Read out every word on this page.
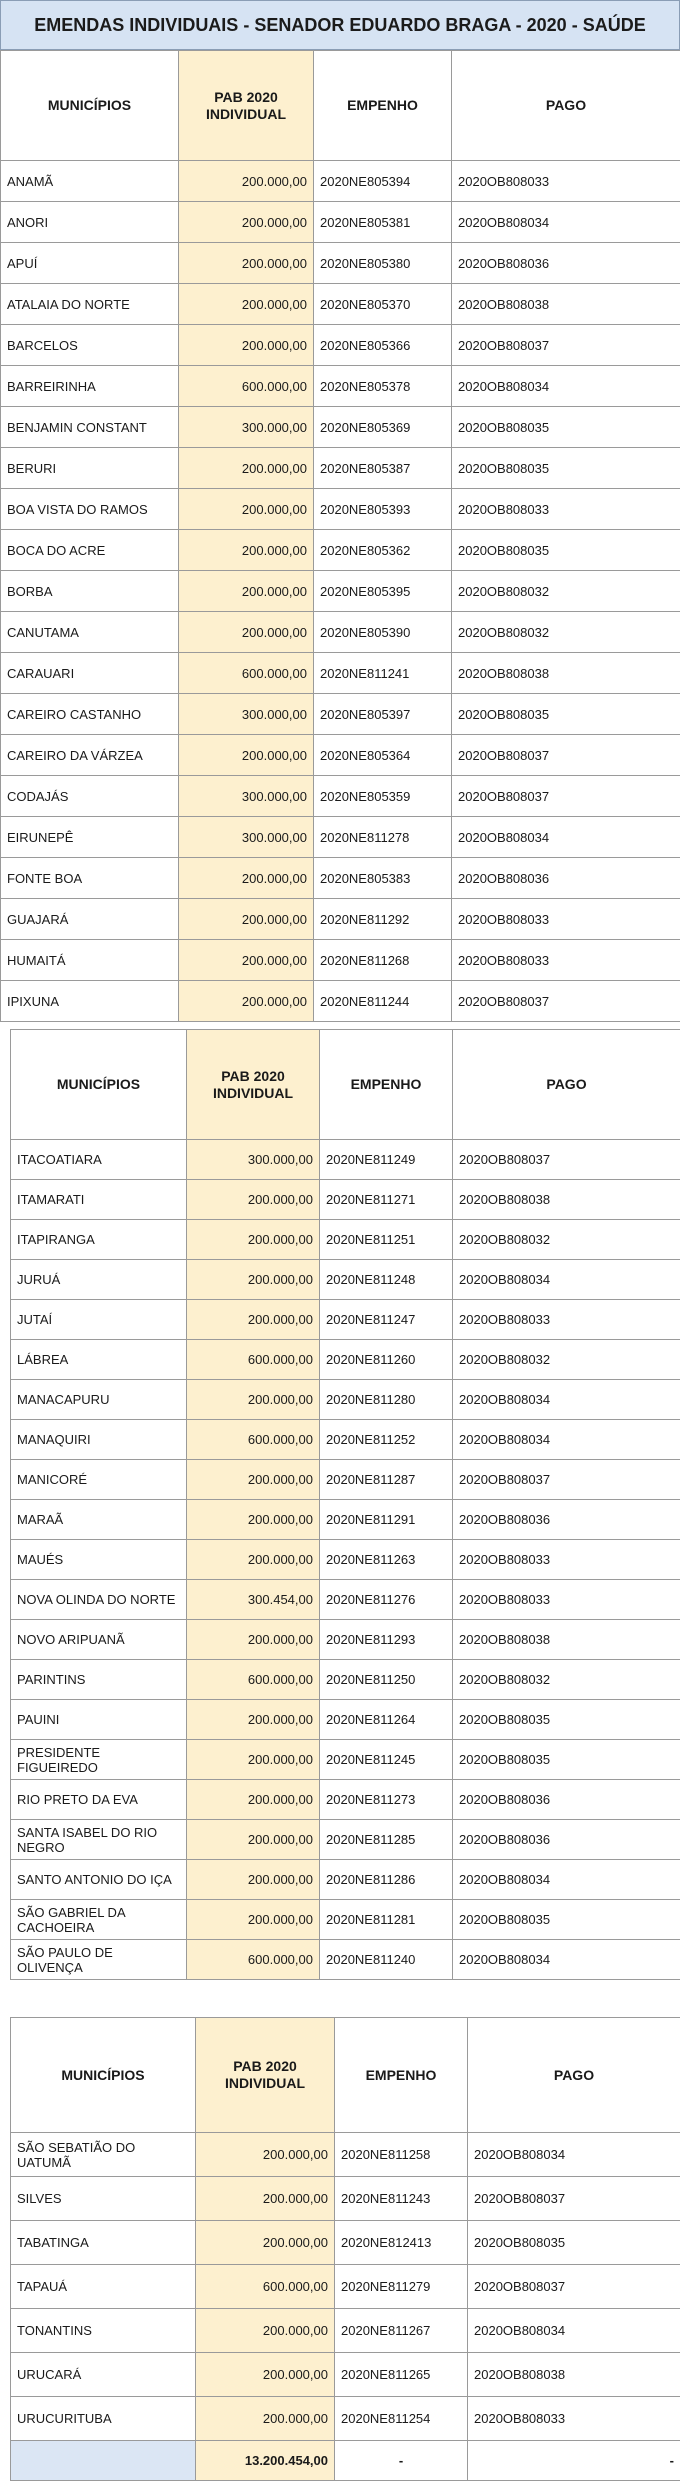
EMENDAS INDIVIDUAIS - SENADOR EDUARDO BRAGA - 2020 - SAÚDE
MUNICÍPIOS	PAB 2020 INDIVIDUAL	EMPENHO	PAGO
ANAMÃ	200.000,00	2020NE805394	2020OB808033
ANORI	200.000,00	2020NE805381	2020OB808034
APUÍ	200.000,00	2020NE805380	2020OB808036
ATALAIA DO NORTE	200.000,00	2020NE805370	2020OB808038
BARCELOS	200.000,00	2020NE805366	2020OB808037
BARREIRINHA	600.000,00	2020NE805378	2020OB808034
BENJAMIN CONSTANT	300.000,00	2020NE805369	2020OB808035
BERURI	200.000,00	2020NE805387	2020OB808035
BOA VISTA DO RAMOS	200.000,00	2020NE805393	2020OB808033
BOCA DO ACRE	200.000,00	2020NE805362	2020OB808035
BORBA	200.000,00	2020NE805395	2020OB808032
CANUTAMA	200.000,00	2020NE805390	2020OB808032
CARAUARI	600.000,00	2020NE811241	2020OB808038
CAREIRO CASTANHO	300.000,00	2020NE805397	2020OB808035
CAREIRO DA VÁRZEA	200.000,00	2020NE805364	2020OB808037
CODAJÁS	300.000,00	2020NE805359	2020OB808037
EIRUNEPÊ	300.000,00	2020NE811278	2020OB808034
FONTE BOA	200.000,00	2020NE805383	2020OB808036
GUAJARÁ	200.000,00	2020NE811292	2020OB808033
HUMAITÁ	200.000,00	2020NE811268	2020OB808033
IPIXUNA	200.000,00	2020NE811244	2020OB808037
MUNICÍPIOS	PAB 2020 INDIVIDUAL	EMPENHO	PAGO
ITACOATIARA	300.000,00	2020NE811249	2020OB808037
ITAMARATI	200.000,00	2020NE811271	2020OB808038
ITAPIRANGA	200.000,00	2020NE811251	2020OB808032
JURUÁ	200.000,00	2020NE811248	2020OB808034
JUTAÍ	200.000,00	2020NE811247	2020OB808033
LÁBREA	600.000,00	2020NE811260	2020OB808032
MANACAPURU	200.000,00	2020NE811280	2020OB808034
MANAQUIRI	600.000,00	2020NE811252	2020OB808034
MANICORÉ	200.000,00	2020NE811287	2020OB808037
MARAÃ	200.000,00	2020NE811291	2020OB808036
MAUÉS	200.000,00	2020NE811263	2020OB808033
NOVA OLINDA DO NORTE	300.454,00	2020NE811276	2020OB808033
NOVO ARIPUANÃ	200.000,00	2020NE811293	2020OB808038
PARINTINS	600.000,00	2020NE811250	2020OB808032
PAUINI	200.000,00	2020NE811264	2020OB808035
PRESIDENTE FIGUEIREDO	200.000,00	2020NE811245	2020OB808035
RIO PRETO DA EVA	200.000,00	2020NE811273	2020OB808036
SANTA ISABEL DO RIO NEGRO	200.000,00	2020NE811285	2020OB808036
SANTO ANTONIO DO IÇA	200.000,00	2020NE811286	2020OB808034
SÃO GABRIEL DA CACHOEIRA	200.000,00	2020NE811281	2020OB808035
SÃO PAULO DE OLIVENÇA	600.000,00	2020NE811240	2020OB808034
MUNICÍPIOS	PAB 2020 INDIVIDUAL	EMPENHO	PAGO
SÃO SEBATIÃO DO UATUMÃ	200.000,00	2020NE811258	2020OB808034
SILVES	200.000,00	2020NE811243	2020OB808037
TABATINGA	200.000,00	2020NE812413	2020OB808035
TAPAUÁ	600.000,00	2020NE811279	2020OB808037
TONANTINS	200.000,00	2020NE811267	2020OB808034
URUCARÁ	200.000,00	2020NE811265	2020OB808038
URUCURITUBA	200.000,00	2020NE811254	2020OB808033
	13.200.454,00	-	-
